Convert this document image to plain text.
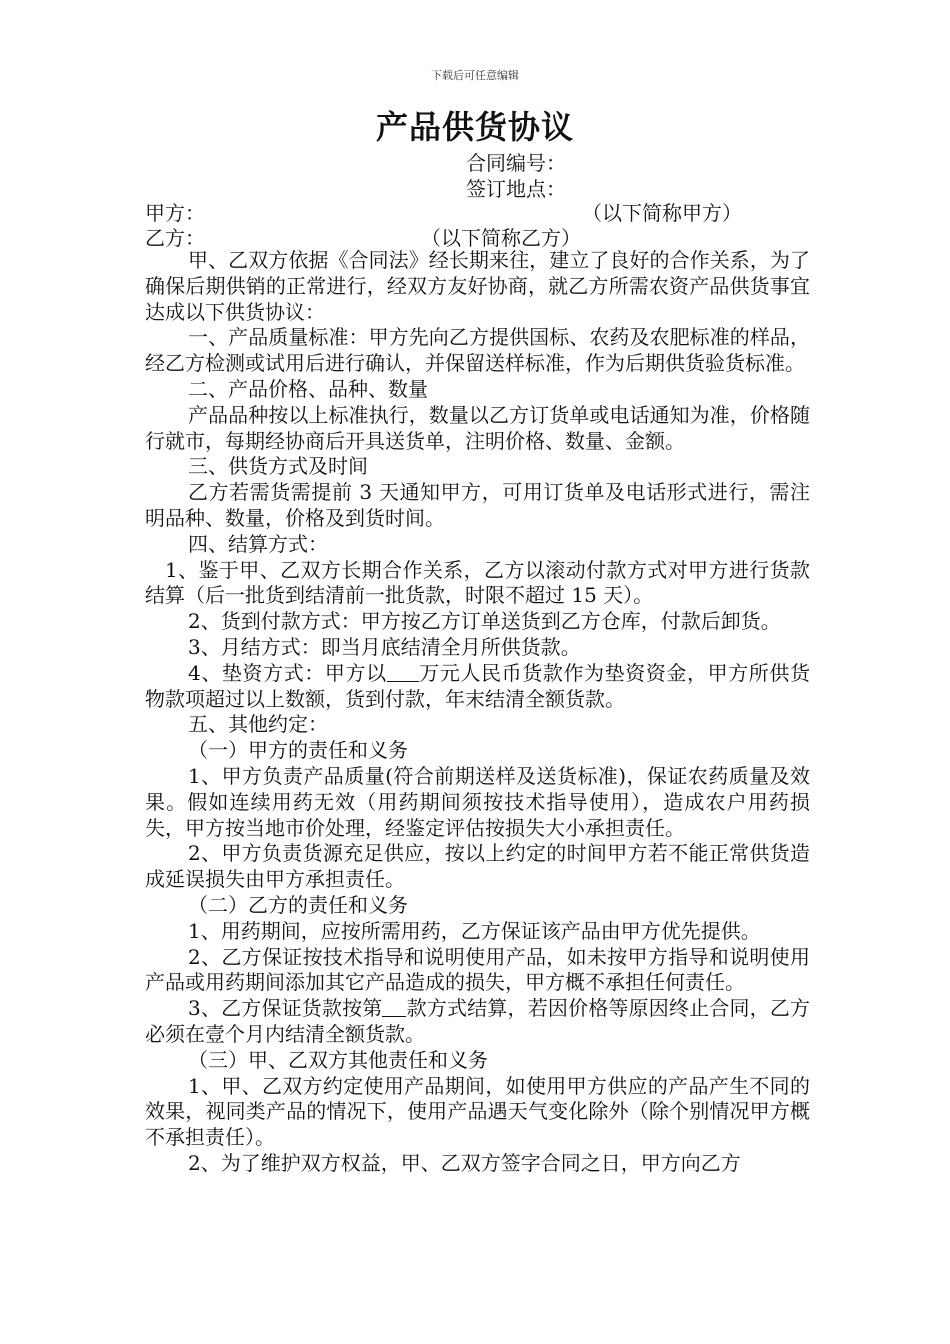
下载后可任意编辑
产品供货协议
合同编号：
签订地点：
甲方：	（以下简称甲方）
乙方：	（以下简称乙方）

甲、乙双方依据《合同法》经长期来往，建立了良好的合作关系，为了确保后期供销的正常进行，经双方友好协商，就乙方所需农资产品供货事宜达成以下供货协议：

一、产品质量标准：甲方先向乙方提供国标、农药及农肥标准的样品，经乙方检测或试用后进行确认，并保留送样标准，作为后期供货验货标准。

二、产品价格、品种、数量

产品品种按以上标准执行，数量以乙方订货单或电话通知为准，价格随行就市，每期经协商后开具送货单，注明价格、数量、金额。

三、供货方式及时间

乙方若需货需提前 3 天通知甲方，可用订货单及电话形式进行，需注明品种、数量，价格及到货时间。

四、结算方式：

1、鉴于甲、乙双方长期合作关系，乙方以滚动付款方式对甲方进行货款结算（后一批货到结清前一批货款，时限不超过 15 天）。

2、货到付款方式：甲方按乙方订单送货到乙方仓库，付款后卸货。

3、月结方式：即当月底结清全月所供货款。

4、垫资方式：甲方以 万元人民币货款作为垫资资金，甲方所供货物款项超过以上数额，货到付款，年末结清全额货款。

五、其他约定：

（一）甲方的责任和义务

1、甲方负责产品质量(符合前期送样及送货标准)，保证农药质量及效果。假如连续用药无效（用药期间须按技术指导使用），造成农户用药损失，甲方按当地市价处理，经鉴定评估按损失大小承担责任。

2、甲方负责货源充足供应，按以上约定的时间甲方若不能正常供货造成延误损失由甲方承担责任。

（二）乙方的责任和义务

1、用药期间，应按所需用药，乙方保证该产品由甲方优先提供。

2、乙方保证按技术指导和说明使用产品，如未按甲方指导和说明使用产品或用药期间添加其它产品造成的损失，甲方概不承担任何责任。

3、乙方保证货款按第 款方式结算，若因价格等原因终止合同，乙方必须在壹个月内结清全额货款。

（三）甲、乙双方其他责任和义务

1、甲、乙双方约定使用产品期间，如使用甲方供应的产品产生不同的效果，视同类产品的情况下，使用产品遇天气变化除外（除个别情况甲方概不承担责任）。

2、为了维护双方权益，甲、乙双方签字合同之日，甲方向乙方
